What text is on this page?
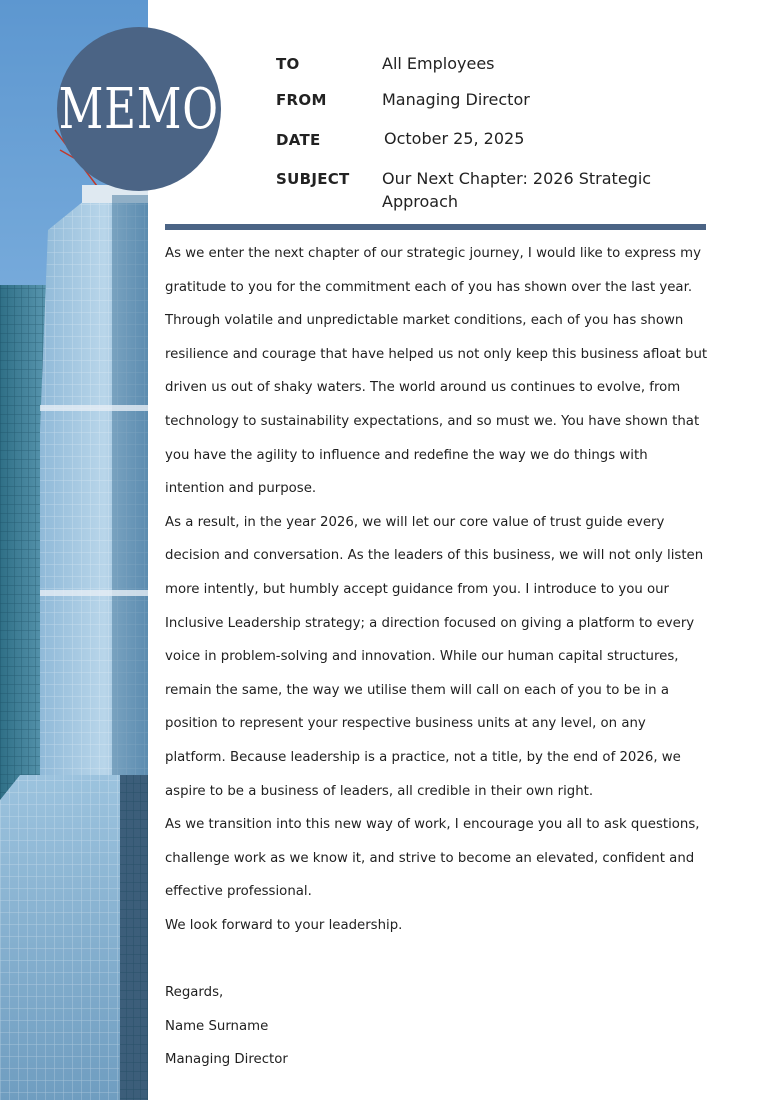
MEMO
TO	All Employees
FROM	Managing Director
DATE	October 25, 2025
SUBJECT Our Next Chapter: 2026 Strategic Approach

As we enter the next chapter of our strategic journey, I would like to express my gratitude to you for the commitment each of you has shown over the last year. Through volatile and unpredictable market conditions, each of you has shown resilience and courage that have helped us not only keep this business afloat but driven us out of shaky waters. The world around us continues to evolve, from technology to sustainability expectations, and so must we. You have shown that you have the agility to influence and redefine the way we do things with intention and purpose.

As a result, in the year 2026, we will let our core value of trust guide every decision and conversation. As the leaders of this business, we will not only listen more intently, but humbly accept guidance from you. I introduce to you our Inclusive Leadership strategy; a direction focused on giving a platform to every voice in problem-solving and innovation. While our human capital structures, remain the same, the way we utilise them will call on each of you to be in a position to represent your respective business units at any level, on any platform. Because leadership is a practice, not a title, by the end of 2026, we aspire to be a business of leaders, all credible in their own right.

As we transition into this new way of work, I encourage you all to ask questions, challenge work as we know it, and strive to become an elevated, confident and effective professional.

We look forward to your leadership.

Regards,
Name Surname
Managing Director
